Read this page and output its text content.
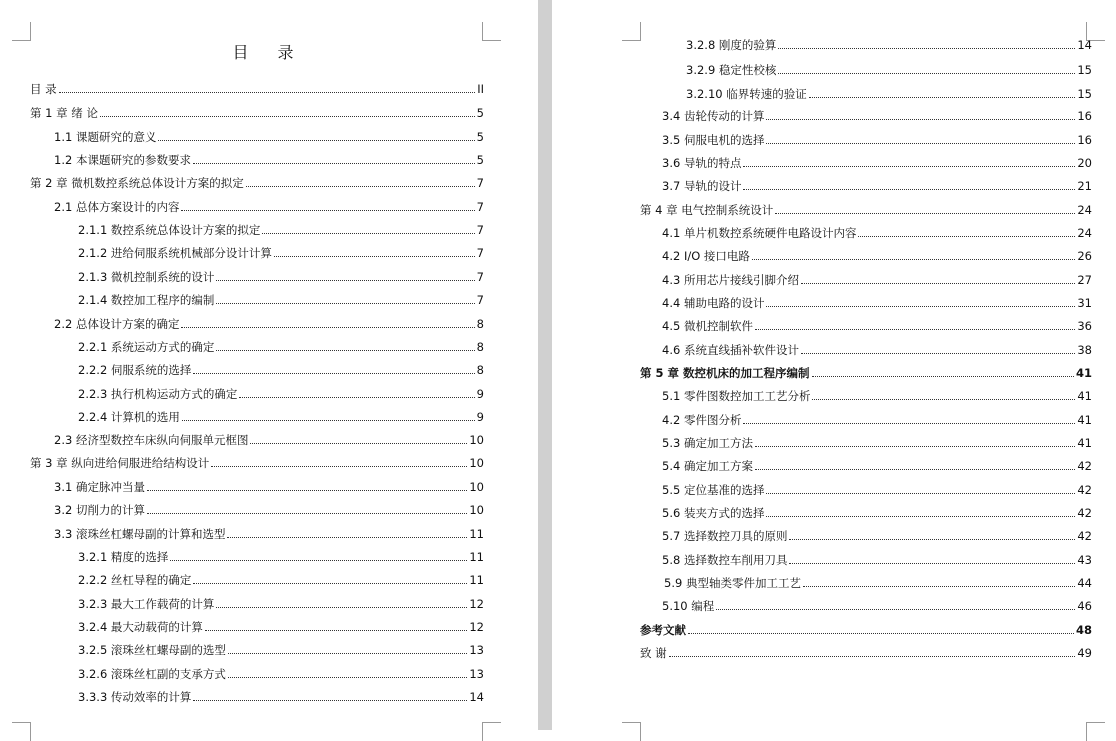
目 录
目 录	II
第 1 章 绪 论	5
1.1 课题研究的意义	5
1.2 本课题研究的参数要求	5
第 2 章 微机数控系统总体设计方案的拟定	7
2.1 总体方案设计的内容	7
2.1.1 数控系统总体设计方案的拟定	7
2.1.2 进给伺服系统机械部分设计计算	7
2.1.3 微机控制系统的设计	7
2.1.4 数控加工程序的编制	7
2.2 总体设计方案的确定	8
2.2.1 系统运动方式的确定	8
2.2.2 伺服系统的选择	8
2.2.3 执行机构运动方式的确定	9
2.2.4 计算机的选用	9
2.3 经济型数控车床纵向伺服单元框图	10
第 3 章 纵向进给伺服进给结构设计	10
3.1 确定脉冲当量	10
3.2 切削力的计算	10
3.3 滚珠丝杠螺母副的计算和选型	11
3.2.1 精度的选择	11
2.2.2 丝杠导程的确定	11
3.2.3 最大工作载荷的计算	12
3.2.4 最大动载荷的计算	12
3.2.5 滚珠丝杠螺母副的选型	13
3.2.6 滚珠丝杠副的支承方式	13
3.3.3 传动效率的计算	14
3.2.8 刚度的验算	14
3.2.9 稳定性校核	15
3.2.10 临界转速的验证	15
3.4 齿轮传动的计算	16
3.5 伺服电机的选择	16
3.6 导轨的特点	20
3.7 导轨的设计	21
第 4 章 电气控制系统设计	24
4.1 单片机数控系统硬件电路设计内容	24
4.2 I/O 接口电路	26
4.3 所用芯片接线引脚介绍	27
4.4 辅助电路的设计	31
4.5 微机控制软件	36
4.6 系统直线插补软件设计	38
第 5 章 数控机床的加工程序编制	41
5.1 零件图数控加工工艺分析	41
4.2 零件图分析	41
5.3 确定加工方法	41
5.4 确定加工方案	42
5.5 定位基准的选择	42
5.6 装夹方式的选择	42
5.7 选择数控刀具的原则	42
5.8 选择数控车削用刀具	43
5.9 典型轴类零件加工工艺	44
5.10 编程	46
参考文献	48
致 谢	49
